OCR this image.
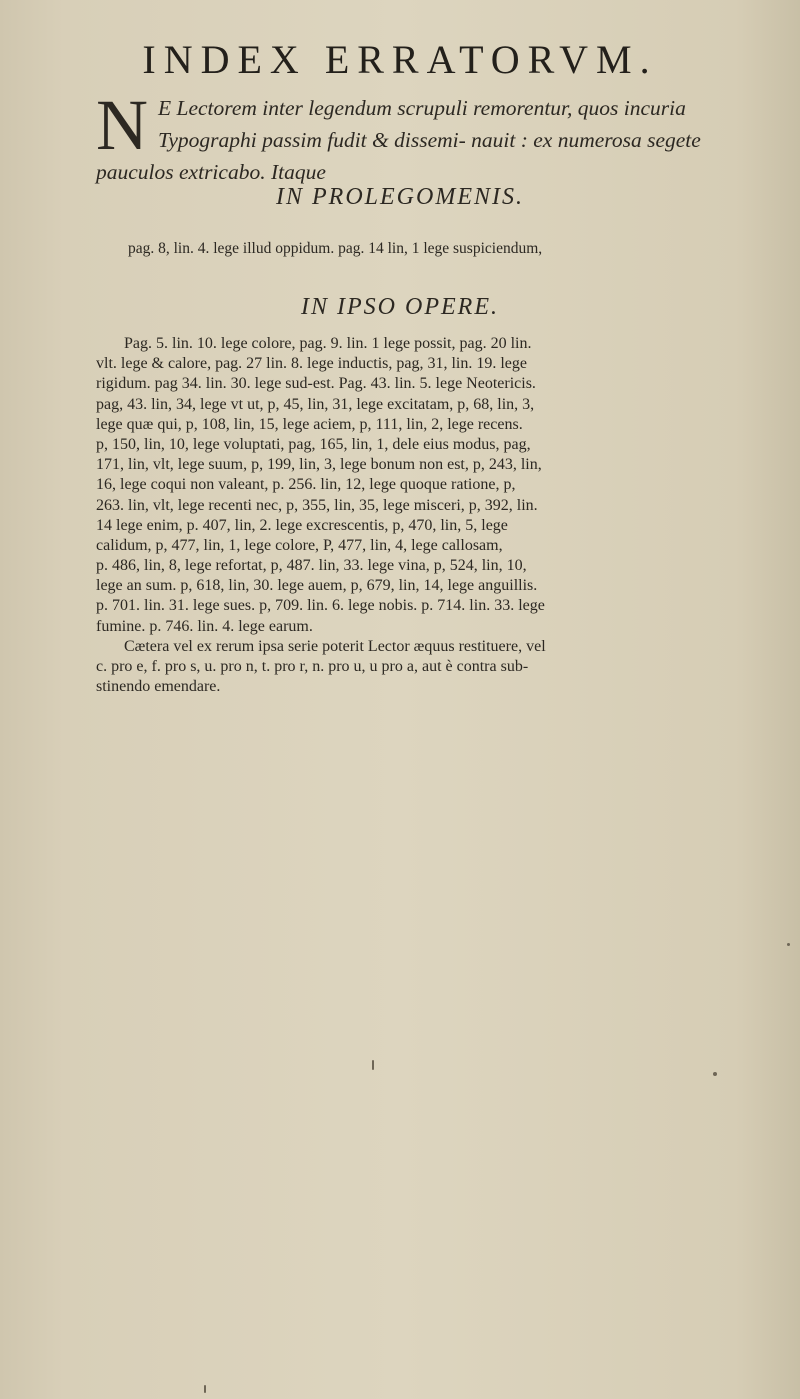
INDEX ERRATORVM.
N E Lectorem inter legendum scrupuli remorentur, quos incuria Typographi passim fudit & dissemi- nauit : ex numerosa segete pauculos extricabo. Itaque
IN PROLEGOMENIS.
pag. 8, lin. 4. lege illud oppidum. pag. 14 lin, 1 lege suspiciendum,
IN IPSO OPERE.
Pag. 5. lin. 10. lege colore, pag. 9. lin. 1 lege possit, pag. 20 lin.
vlt. lege & calore, pag. 27 lin. 8. lege inductis, pag, 31, lin. 19. lege
rigidum. pag 34. lin. 30. lege sud-est. Pag. 43. lin. 5. lege Neotericis.
pag, 43. lin, 34, lege vt ut, p, 45, lin, 31, lege excitatam, p, 68, lin, 3,
lege quæ qui, p, 108, lin, 15, lege aciem, p, 111, lin, 2, lege recens.
p, 150, lin, 10, lege voluptati, pag, 165, lin, 1, dele eius modus, pag,
171, lin, vlt, lege suum, p, 199, lin, 3, lege bonum non est, p, 243, lin,
16, lege coqui non valeant, p. 256. lin, 12, lege quoque ratione, p,
263. lin, vlt, lege recenti nec, p, 355, lin, 35, lege misceri, p, 392, lin.
14 lege enim, p. 407, lin, 2. lege excrescentis, p, 470, lin, 5, lege
calidum, p, 477, lin, 1, lege colore, P, 477, lin, 4, lege callosam,
p. 486, lin, 8, lege refortat, p, 487. lin, 33. lege vina, p, 524, lin, 10,
lege an sum. p, 618, lin, 30. lege auem, p, 679, lin, 14, lege anguillis.
p. 701. lin. 31. lege sues. p, 709. lin. 6. lege nobis. p. 714. lin. 33. lege
fumine. p. 746. lin. 4. lege earum.
Cætera vel ex rerum ipsa serie poterit Lector æquus restituere, vel
c. pro e, f. pro s, u. pro n, t. pro r, n. pro u, u pro a, aut è contra sub-
stinendo emendare.
